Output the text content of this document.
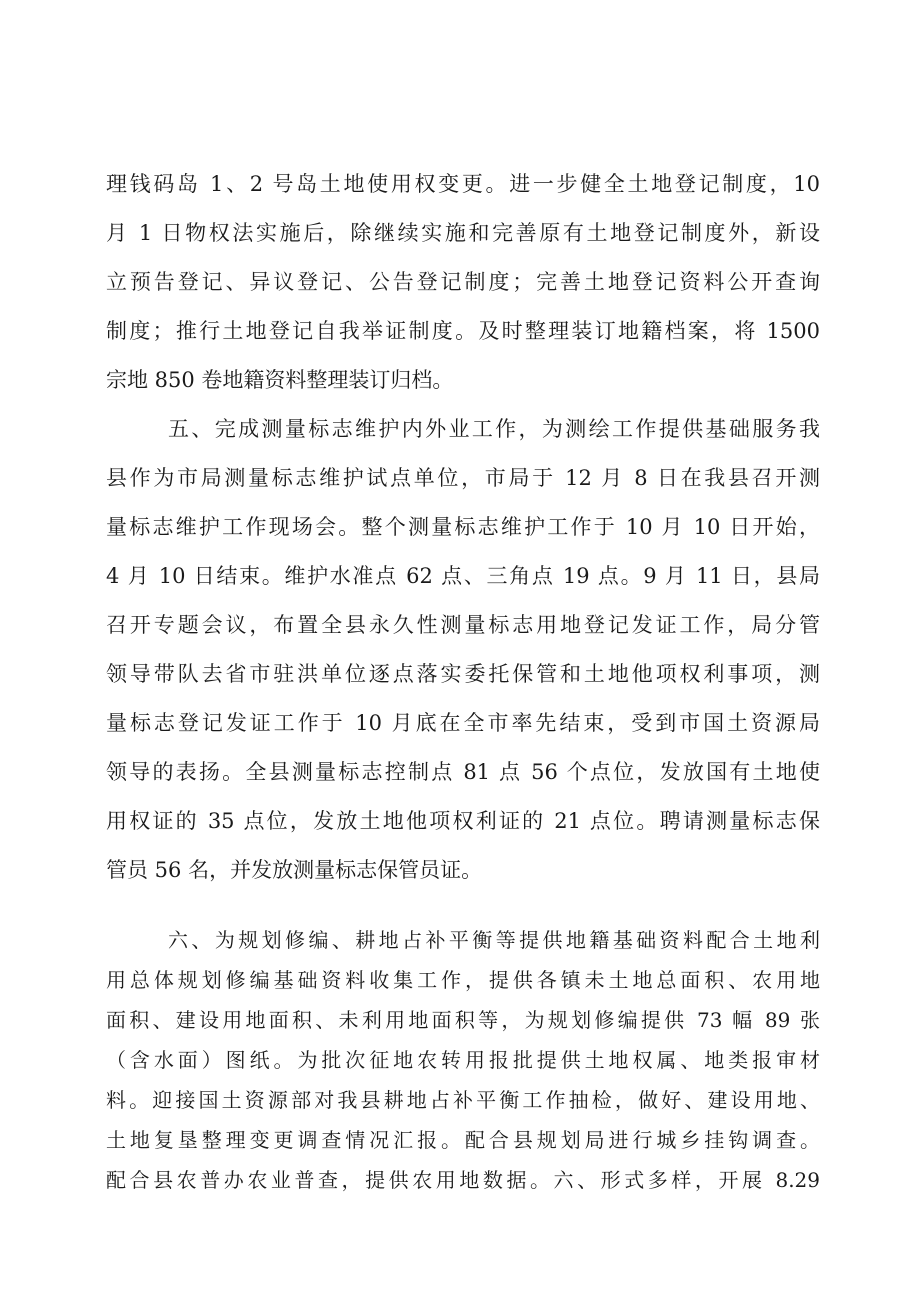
理钱码岛 1、2 号岛土地使用权变更。进一步健全土地登记制度，10
月 1 日物权法实施后，除继续实施和完善原有土地登记制度外，新设
立预告登记、异议登记、公告登记制度；完善土地登记资料公开查询
制度；推行土地登记自我举证制度。及时整理装订地籍档案，将 1500
宗地 850 卷地籍资料整理装订归档。
五、完成测量标志维护内外业工作，为测绘工作提供基础服务我
县作为市局测量标志维护试点单位，市局于 12 月 8 日在我县召开测
量标志维护工作现场会。整个测量标志维护工作于 10 月 10 日开始，
4 月 10 日结束。维护水准点 62 点、三角点 19 点。9 月 11 日，县局
召开专题会议，布置全县永久性测量标志用地登记发证工作，局分管
领导带队去省市驻洪单位逐点落实委托保管和土地他项权利事项，测
量标志登记发证工作于 10 月底在全市率先结束，受到市国土资源局
领导的表扬。全县测量标志控制点 81 点 56 个点位，发放国有土地使
用权证的 35 点位，发放土地他项权利证的 21 点位。聘请测量标志保
管员 56 名，并发放测量标志保管员证。
六、为规划修编、耕地占补平衡等提供地籍基础资料配合土地利
用总体规划修编基础资料收集工作，提供各镇未土地总面积、农用地
面积、建设用地面积、未利用地面积等，为规划修编提供 73 幅 89 张
（含水面）图纸。为批次征地农转用报批提供土地权属、地类报审材
料。迎接国土资源部对我县耕地占补平衡工作抽检，做好、建设用地、
土地复垦整理变更调查情况汇报。配合县规划局进行城乡挂钩调查。
配合县农普办农业普查，提供农用地数据。六、形式多样，开展 8.29
